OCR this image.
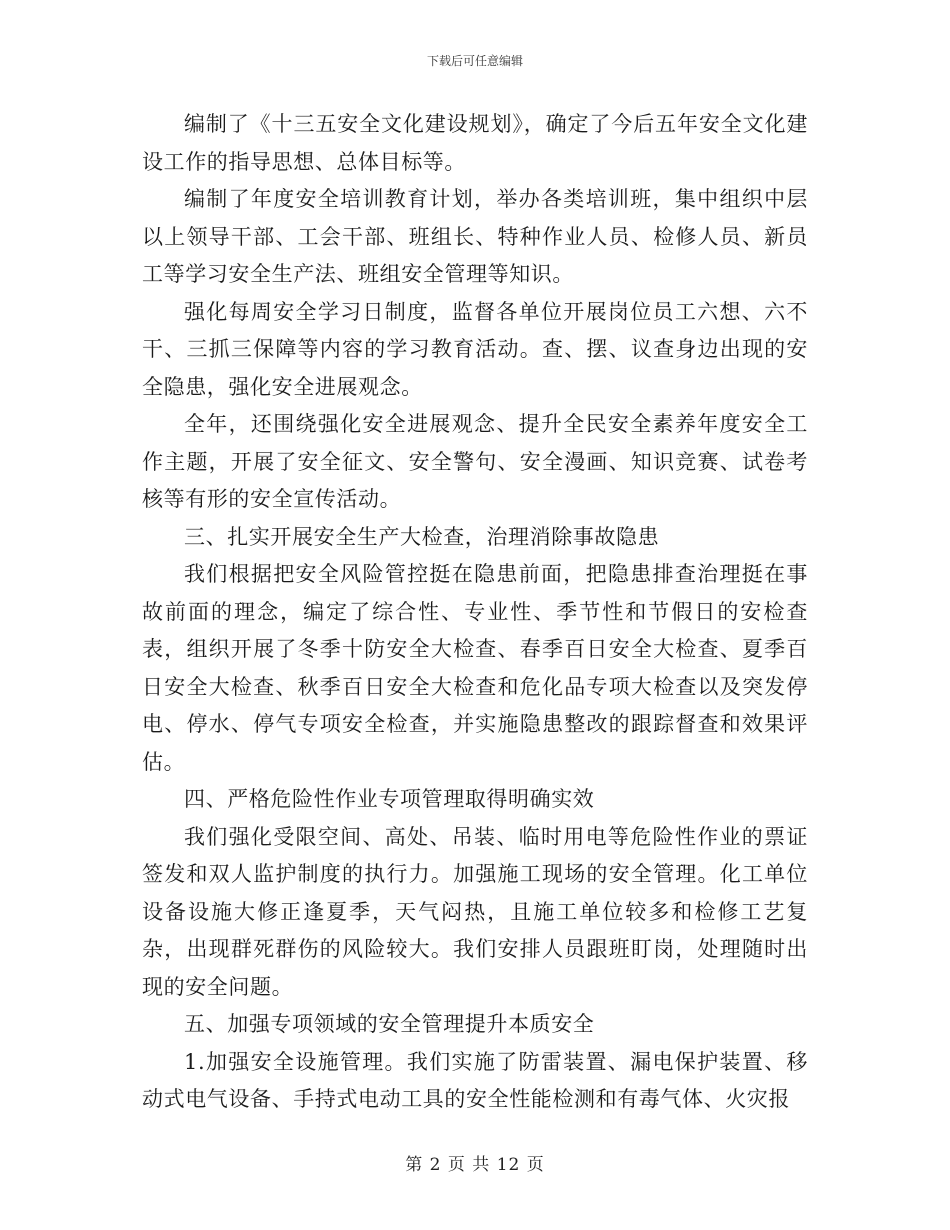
下载后可任意编辑

编制了《十三五安全文化建设规划》，确定了今后五年安全文化建设工作的指导思想、总体目标等。

编制了年度安全培训教育计划，举办各类培训班，集中组织中层以上领导干部、工会干部、班组长、特种作业人员、检修人员、新员工等学习安全生产法、班组安全管理等知识。

强化每周安全学习日制度，监督各单位开展岗位员工六想、六不干、三抓三保障等内容的学习教育活动。查、摆、议查身边出现的安全隐患，强化安全进展观念。

全年，还围绕强化安全进展观念、提升全民安全素养年度安全工作主题，开展了安全征文、安全警句、安全漫画、知识竞赛、试卷考核等有形的安全宣传活动。

三、扎实开展安全生产大检查，治理消除事故隐患

我们根据把安全风险管控挺在隐患前面，把隐患排查治理挺在事故前面的理念，编定了综合性、专业性、季节性和节假日的安检查表，组织开展了冬季十防安全大检查、春季百日安全大检查、夏季百日安全大检查、秋季百日安全大检查和危化品专项大检查以及突发停电、停水、停气专项安全检查，并实施隐患整改的跟踪督查和效果评估。

四、严格危险性作业专项管理取得明确实效

我们强化受限空间、高处、吊装、临时用电等危险性作业的票证签发和双人监护制度的执行力。加强施工现场的安全管理。化工单位设备设施大修正逢夏季，天气闷热，且施工单位较多和检修工艺复杂，出现群死群伤的风险较大。我们安排人员跟班盯岗，处理随时出现的安全问题。

五、加强专项领域的安全管理提升本质安全

1.加强安全设施管理。我们实施了防雷装置、漏电保护装置、移动式电气设备、手持式电动工具的安全性能检测和有毒气体、火灾报

第 2 页 共 12 页
